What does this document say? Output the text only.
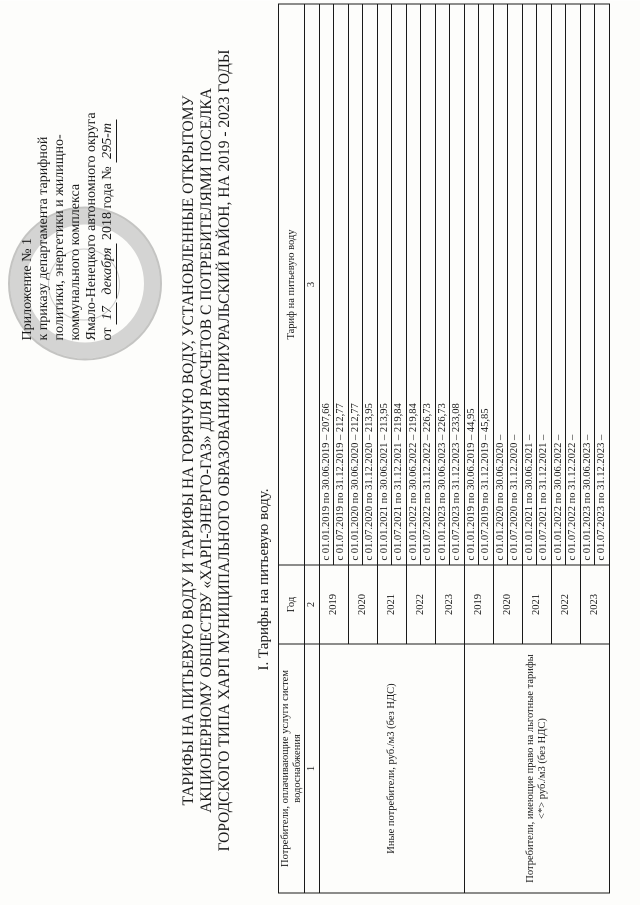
Приложение № 1 к приказу департамента тарифной политики, энергетики и жилищно- коммунального комплекса Ямало-Ненецкого автономного округа от 17 декабря 2018 года № 295-т	ТАРИФЫ НА ПИТЬЕВУЮ ВОДУ И ТАРИФЫ НА ГОРЯЧУЮ ВОДУ, УСТАНОВЛЕННЫЕ ОТКРЫТОМУ АКЦИОНЕРНОМУ ОБЩЕСТВУ «ХАРП-ЭНЕРГО-ГАЗ» ДЛЯ РАСЧЕТОВ С ПОТРЕБИТЕЛЯМИ ПОСЕЛКА ГОРОДСКОГО ТИПА ХАРП МУНИЦИПАЛЬНОГО ОБРАЗОВАНИЯ ПРИУРАЛЬСКИЙ РАЙОН, НА 2019 - 2023 ГОДЫ I. Тарифы на питьевую воду.
Потребители, оплачивающие услуги систем водоснабжения	Год	Тариф на питьевую воду
1	2	3
Иные потребители, руб./м3 (без НДС)	2019	с 01.01.2019 по 30.06.2019 – 207,66
		с 01.07.2019 по 31.12.2019 – 212,77
	2020	с 01.01.2020 по 30.06.2020 – 212,77
		с 01.07.2020 по 31.12.2020 – 213,95
	2021	с 01.01.2021 по 30.06.2021 – 213,95
		с 01.07.2021 по 31.12.2021 – 219,84
	2022	с 01.01.2022 по 30.06.2022 – 219,84
		с 01.07.2022 по 31.12.2022 – 226,73
	2023	с 01.01.2023 по 30.06.2023 – 226,73
		с 01.07.2023 по 31.12.2023 – 233,08
Потребители, имеющие право на льготные тарифы <*> руб./м3 (без НДС)	2019	с 01.01.2019 по 30.06.2019 – 44,95
		с 01.07.2019 по 31.12.2019 – 45,85
	2020	с 01.01.2020 по 30.06.2020 –
		с 01.07.2020 по 31.12.2020 –
	2021	с 01.01.2021 по 30.06.2021 –
		с 01.07.2021 по 31.12.2021 –
	2022	с 01.01.2022 по 30.06.2022 –
		с 01.07.2022 по 31.12.2022 –
	2023	с 01.01.2023 по 30.06.2023 –
		с 01.07.2023 по 31.12.2023 –
